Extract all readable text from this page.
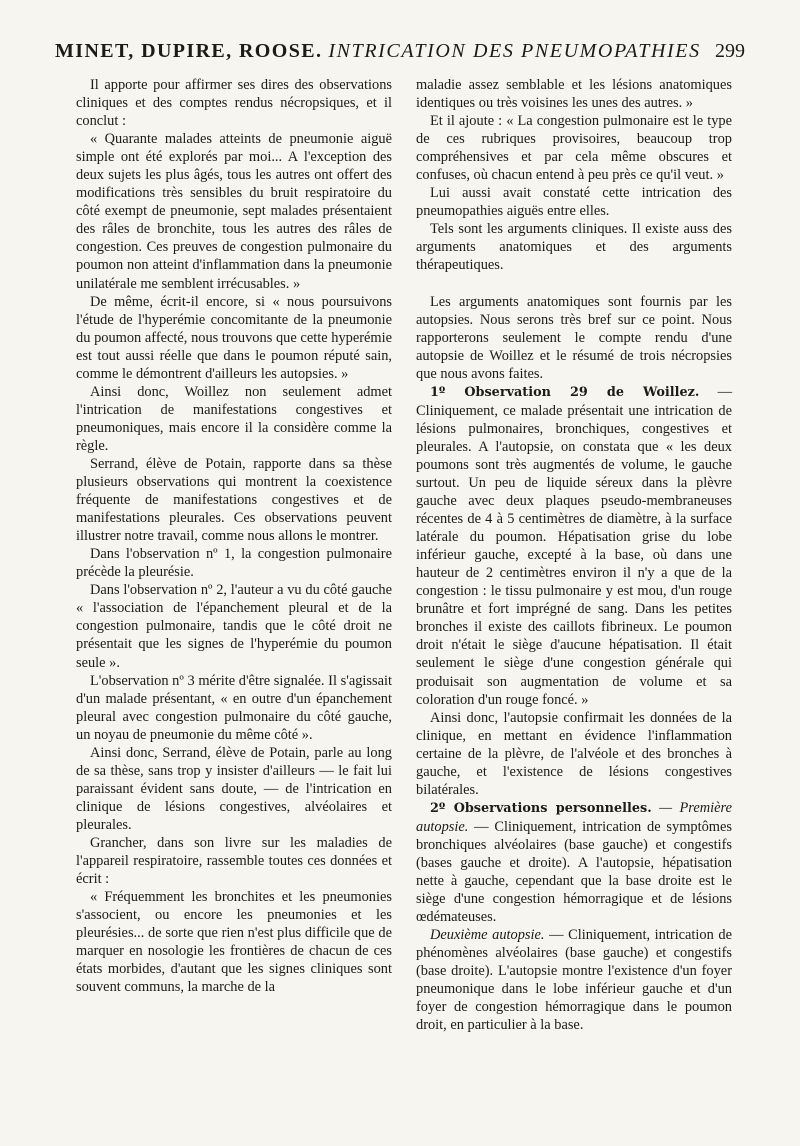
MINET, DUPIRE, ROOSE. INTRICATION DES PNEUMOPATHIES 299

Il apporte pour affirmer ses dires des observations cliniques et des comptes rendus nécropsiques, et il conclut :

« Quarante malades atteints de pneumonie aiguë simple ont été explorés par moi... A l'exception des deux sujets les plus âgés, tous les autres ont offert des modifications très sensibles du bruit respiratoire du côté exempt de pneumonie, sept malades présentaient des râles de bronchite, tous les autres des râles de congestion. Ces preuves de congestion pulmonaire du poumon non atteint d'inflammation dans la pneumonie unilatérale me semblent irrécusables. »

De même, écrit-il encore, si « nous poursuivons l'étude de l'hyperémie concomitante de la pneumonie du poumon affecté, nous trouvons que cette hyperémie est tout aussi réelle que dans le poumon réputé sain, comme le démontrent d'ailleurs les autopsies. »

Ainsi donc, Woillez non seulement admet l'intrication de manifestations congestives et pneumoniques, mais encore il la considère comme la règle.

Serrand, élève de Potain, rapporte dans sa thèse plusieurs observations qui montrent la coexistence fréquente de manifestations congestives et de manifestations pleurales. Ces observations peuvent illustrer notre travail, comme nous allons le montrer.

Dans l'observation nº 1, la congestion pulmonaire précède la pleurésie.

Dans l'observation nº 2, l'auteur a vu du côté gauche « l'association de l'épanchement pleural et de la congestion pulmonaire, tandis que le côté droit ne présentait que les signes de l'hyperémie du poumon seule ».

L'observation nº 3 mérite d'être signalée. Il s'agissait d'un malade présentant, « en outre d'un épanchement pleural avec congestion pulmonaire du côté gauche, un noyau de pneumonie du même côté ».

Ainsi donc, Serrand, élève de Potain, parle au long de sa thèse, sans trop y insister d'ailleurs — le fait lui paraissant évident sans doute, — de l'intrication en clinique de lésions congestives, alvéolaires et pleurales.

Grancher, dans son livre sur les maladies de l'appareil respiratoire, rassemble toutes ces données et écrit :

« Fréquemment les bronchites et les pneumonies s'associent, ou encore les pneumonies et les pleurésies... de sorte que rien n'est plus difficile que de marquer en nosologie les frontières de chacun de ces états morbides, d'autant que les signes cliniques sont souvent communs, la marche de la

maladie assez semblable et les lésions anatomiques identiques ou très voisines les unes des autres. »

Et il ajoute : « La congestion pulmonaire est le type de ces rubriques provisoires, beaucoup trop compréhensives et par cela même obscures et confuses, où chacun entend à peu près ce qu'il veut. »

Lui aussi avait constaté cette intrication des pneumopathies aiguës entre elles.

Tels sont les arguments cliniques. Il existe auss des arguments anatomiques et des arguments thérapeutiques.

Les arguments anatomiques sont fournis par les autopsies. Nous serons très bref sur ce point. Nous rapporterons seulement le compte rendu d'une autopsie de Woillez et le résumé de trois nécropsies que nous avons faites.

1º Observation 29 de Woillez. — Cliniquement, ce malade présentait une intrication de lésions pulmonaires, bronchiques, congestives et pleurales. A l'autopsie, on constata que « les deux poumons sont très augmentés de volume, le gauche surtout. Un peu de liquide séreux dans la plèvre gauche avec deux plaques pseudo-membraneuses récentes de 4 à 5 centimètres de diamètre, à la surface latérale du poumon. Hépatisation grise du lobe inférieur gauche, excepté à la base, où dans une hauteur de 2 centimètres environ il n'y a que de la congestion : le tissu pulmonaire y est mou, d'un rouge brunâtre et fort imprégné de sang. Dans les petites bronches il existe des caillots fibrineux. Le poumon droit n'était le siège d'aucune hépatisation. Il était seulement le siège d'une congestion générale qui produisait son augmentation de volume et sa coloration d'un rouge foncé. »

Ainsi donc, l'autopsie confirmait les données de la clinique, en mettant en évidence l'inflammation certaine de la plèvre, de l'alvéole et des bronches à gauche, et l'existence de lésions congestives bilatérales.

2º Observations personnelles. — Première autopsie. — Cliniquement, intrication de symptômes bronchiques alvéolaires (base gauche) et congestifs (bases gauche et droite). A l'autopsie, hépatisation nette à gauche, cependant que la base droite est le siège d'une congestion hémorragique et de lésions œdémateuses.

Deuxième autopsie. — Cliniquement, intrication de phénomènes alvéolaires (base gauche) et congestifs (base droite). L'autopsie montre l'existence d'un foyer pneumonique dans le lobe inférieur gauche et d'un foyer de congestion hémorragique dans le poumon droit, en particulier à la base.
